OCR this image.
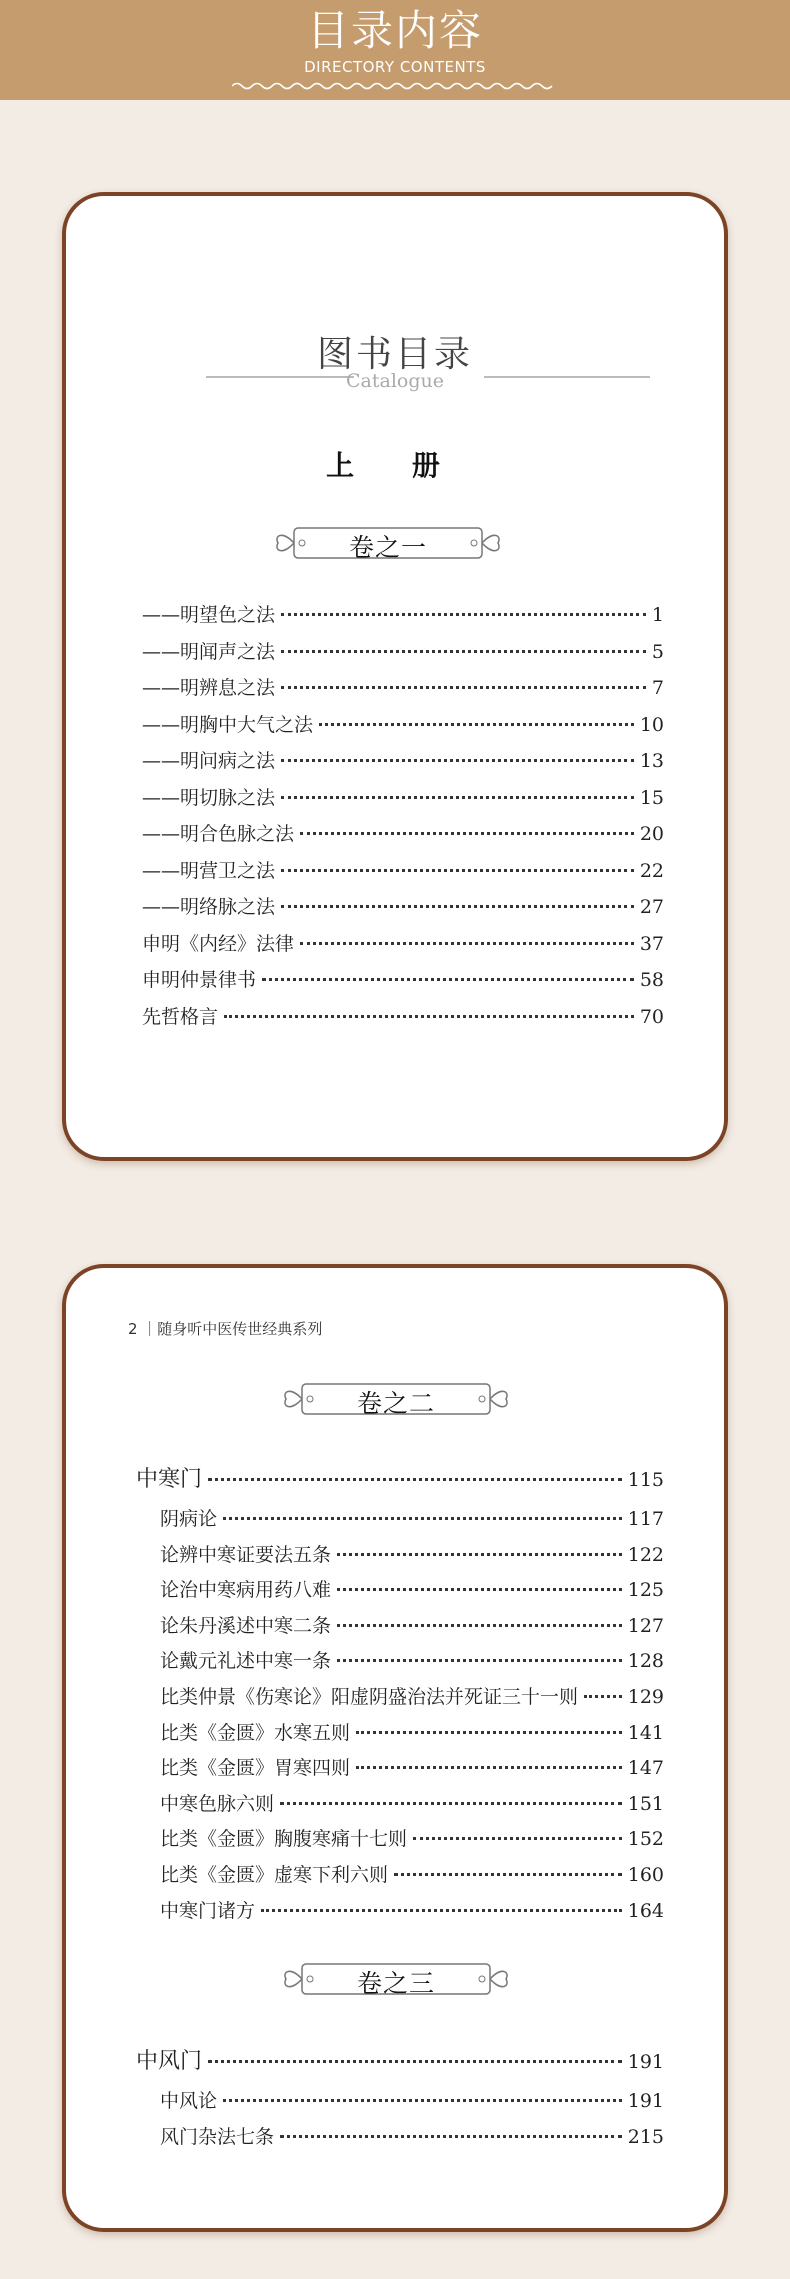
目录内容
DIRECTORY CONTENTS
图书目录
Catalogue
上 册
卷之一
——明望色之法	1
——明闻声之法	5
——明辨息之法	7
——明胸中大气之法	10
——明问病之法	13
——明切脉之法	15
——明合色脉之法	20
——明营卫之法	22
——明络脉之法	27
申明《内经》法律	37
申明仲景律书	58
先哲格言	70
2 ｜随身听中医传世经典系列
卷之二
中寒门	115
阴病论	117
论辨中寒证要法五条	122
论治中寒病用药八难	125
论朱丹溪述中寒二条	127
论戴元礼述中寒一条	128
比类仲景《伤寒论》阳虚阴盛治法并死证三十一则	129
比类《金匮》水寒五则	141
比类《金匮》胃寒四则	147
中寒色脉六则	151
比类《金匮》胸腹寒痛十七则	152
比类《金匮》虚寒下利六则	160
中寒门诸方	164
卷之三
中风门	191
中风论	191
风门杂法七条	215
